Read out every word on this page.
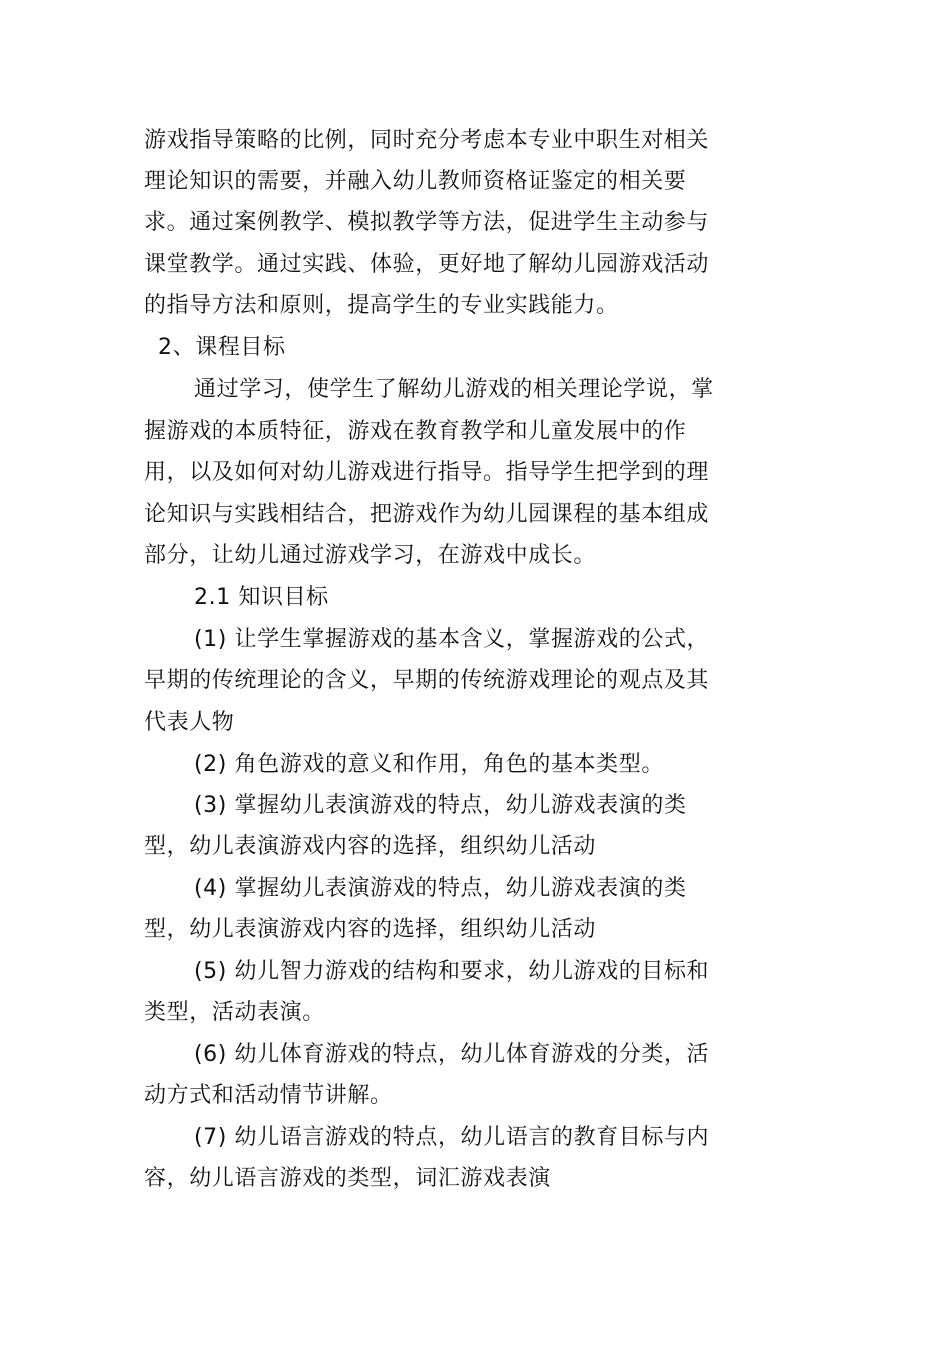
游戏指导策略的比例，同时充分考虑本专业中职生对相关
理论知识的需要，并融入幼儿教师资格证鉴定的相关要
求。通过案例教学、模拟教学等方法，促进学生主动参与
课堂教学。通过实践、体验，更好地了解幼儿园游戏活动
的指导方法和原则，提高学生的专业实践能力。
2、课程目标
通过学习，使学生了解幼儿游戏的相关理论学说，掌
握游戏的本质特征，游戏在教育教学和儿童发展中的作
用，以及如何对幼儿游戏进行指导。指导学生把学到的理
论知识与实践相结合，把游戏作为幼儿园课程的基本组成
部分，让幼儿通过游戏学习，在游戏中成长。
2.1 知识目标
(1) 让学生掌握游戏的基本含义，掌握游戏的公式，
早期的传统理论的含义，早期的传统游戏理论的观点及其
代表人物
(2) 角色游戏的意义和作用，角色的基本类型。
(3) 掌握幼儿表演游戏的特点，幼儿游戏表演的类
型，幼儿表演游戏内容的选择，组织幼儿活动
(4) 掌握幼儿表演游戏的特点，幼儿游戏表演的类
型，幼儿表演游戏内容的选择，组织幼儿活动
(5) 幼儿智力游戏的结构和要求，幼儿游戏的目标和
类型，活动表演。
(6) 幼儿体育游戏的特点，幼儿体育游戏的分类，活
动方式和活动情节讲解。
(7) 幼儿语言游戏的特点，幼儿语言的教育目标与内
容，幼儿语言游戏的类型，词汇游戏表演
